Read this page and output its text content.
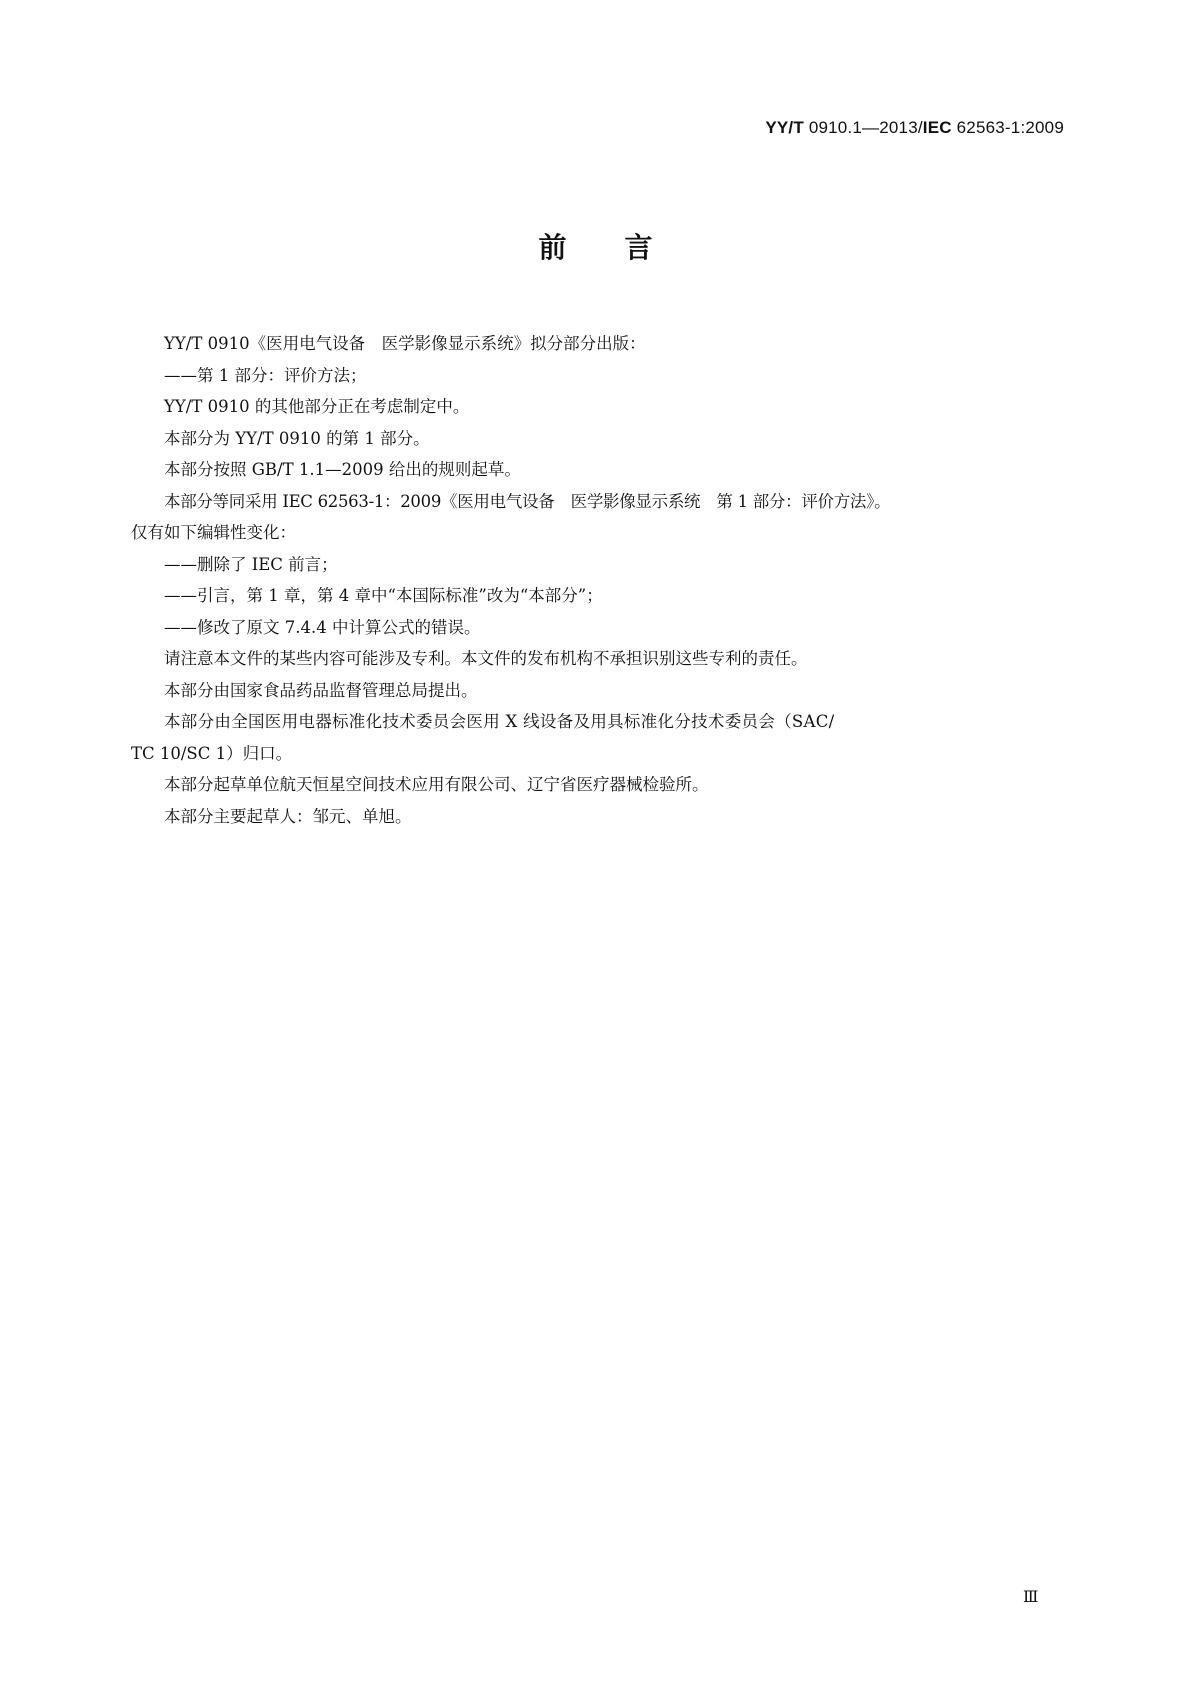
YY/T 0910.1—2013/IEC 62563-1:2009
前言

YY/T 0910《医用电气设备　医学影像显示系统》拟分部分出版：

——第 1 部分：评价方法；

YY/T 0910 的其他部分正在考虑制定中。

本部分为 YY/T 0910 的第 1 部分。

本部分按照 GB/T 1.1—2009 给出的规则起草。

本部分等同采用 IEC 62563-1：2009《医用电气设备　医学影像显示系统　第 1 部分：评价方法》。

仅有如下编辑性变化：

——删除了 IEC 前言；

——引言，第 1 章，第 4 章中“本国际标准”改为“本部分”；

——修改了原文 7.4.4 中计算公式的错误。

请注意本文件的某些内容可能涉及专利。本文件的发布机构不承担识别这些专利的责任。

本部分由国家食品药品监督管理总局提出。

本部分由全国医用电器标准化技术委员会医用 X 线设备及用具标准化分技术委员会（SAC/

TC 10/SC 1）归口。

本部分起草单位航天恒星空间技术应用有限公司、辽宁省医疗器械检验所。

本部分主要起草人：邹元、单旭。

Ⅲ
